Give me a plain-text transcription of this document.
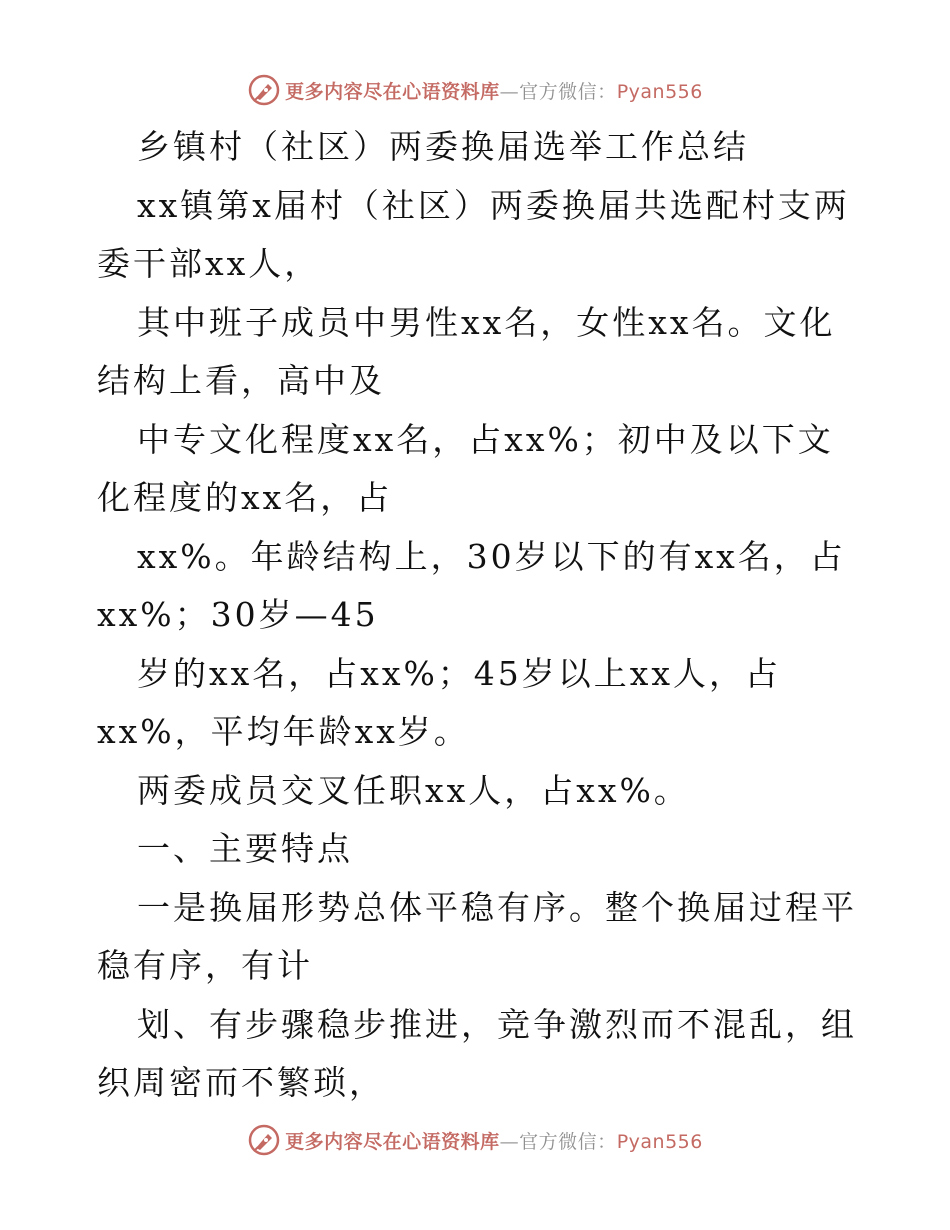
更多内容尽在心语资料库—官方微信：Pyan556

乡镇村（社区）两委换届选举工作总结

xx镇第x届村（社区）两委换届共选配村支两委干部xx人，

其中班子成员中男性xx名，女性xx名。文化结构上看，高中及

中专文化程度xx名，占xx%；初中及以下文化程度的xx名，占

xx%。年龄结构上，30岁以下的有xx名，占xx%；30岁—45

岁的xx名，占xx%；45岁以上xx人，占xx%，平均年龄xx岁。

两委成员交叉任职xx人，占xx%。

一、主要特点

一是换届形势总体平稳有序。整个换届过程平稳有序，有计

划、有步骤稳步推进，竞争激烈而不混乱，组织周密而不繁琐，

更多内容尽在心语资料库—官方微信：Pyan556
